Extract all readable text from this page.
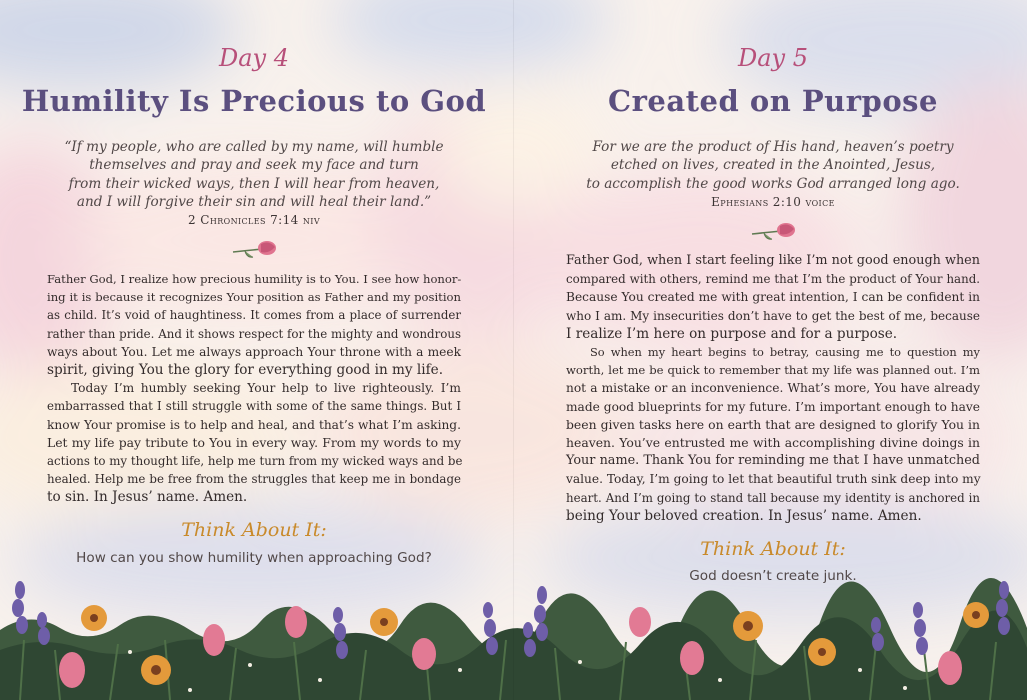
Day 4
Humility Is Precious to God
“If my people, who are called by my name, will humble
themselves and pray and seek my face and turn
from their wicked ways, then I will hear from heaven,
and I will forgive their sin and will heal their land.”
2 Chronicles 7:14 niv
Father God, I realize how precious humility is to You. I see how honor-
ing it is because it recognizes Your position as Father and my position
as child. It’s void of haughtiness. It comes from a place of surrender
rather than pride. And it shows respect for the mighty and wondrous
ways about You. Let me always approach Your throne with a meek
spirit, giving You the glory for everything good in my life.
Today I’m humbly seeking Your help to live righteously. I’m
embarrassed that I still struggle with some of the same things. But I
know Your promise is to help and heal, and that’s what I’m asking.
Let my life pay tribute to You in every way. From my words to my
actions to my thought life, help me turn from my wicked ways and be
healed. Help me be free from the struggles that keep me in bondage
to sin. In Jesus’ name. Amen.
Think About It:
How can you show humility when approaching God?
Day 5
Created on Purpose
For we are the product of His hand, heaven’s poetry
etched on lives, created in the Anointed, Jesus,
to accomplish the good works God arranged long ago.
Ephesians 2:10 voice
Father God, when I start feeling like I’m not good enough when
compared with others, remind me that I’m the product of Your hand.
Because You created me with great intention, I can be confident in
who I am. My insecurities don’t have to get the best of me, because
I realize I’m here on purpose and for a purpose.
So when my heart begins to betray, causing me to question my
worth, let me be quick to remember that my life was planned out. I’m
not a mistake or an inconvenience. What’s more, You have already
made good blueprints for my future. I’m important enough to have
been given tasks here on earth that are designed to glorify You in
heaven. You’ve entrusted me with accomplishing divine doings in
Your name. Thank You for reminding me that I have unmatched
value. Today, I’m going to let that beautiful truth sink deep into my
heart. And I’m going to stand tall because my identity is anchored in
being Your beloved creation. In Jesus’ name. Amen.
Think About It:
God doesn’t create junk.
